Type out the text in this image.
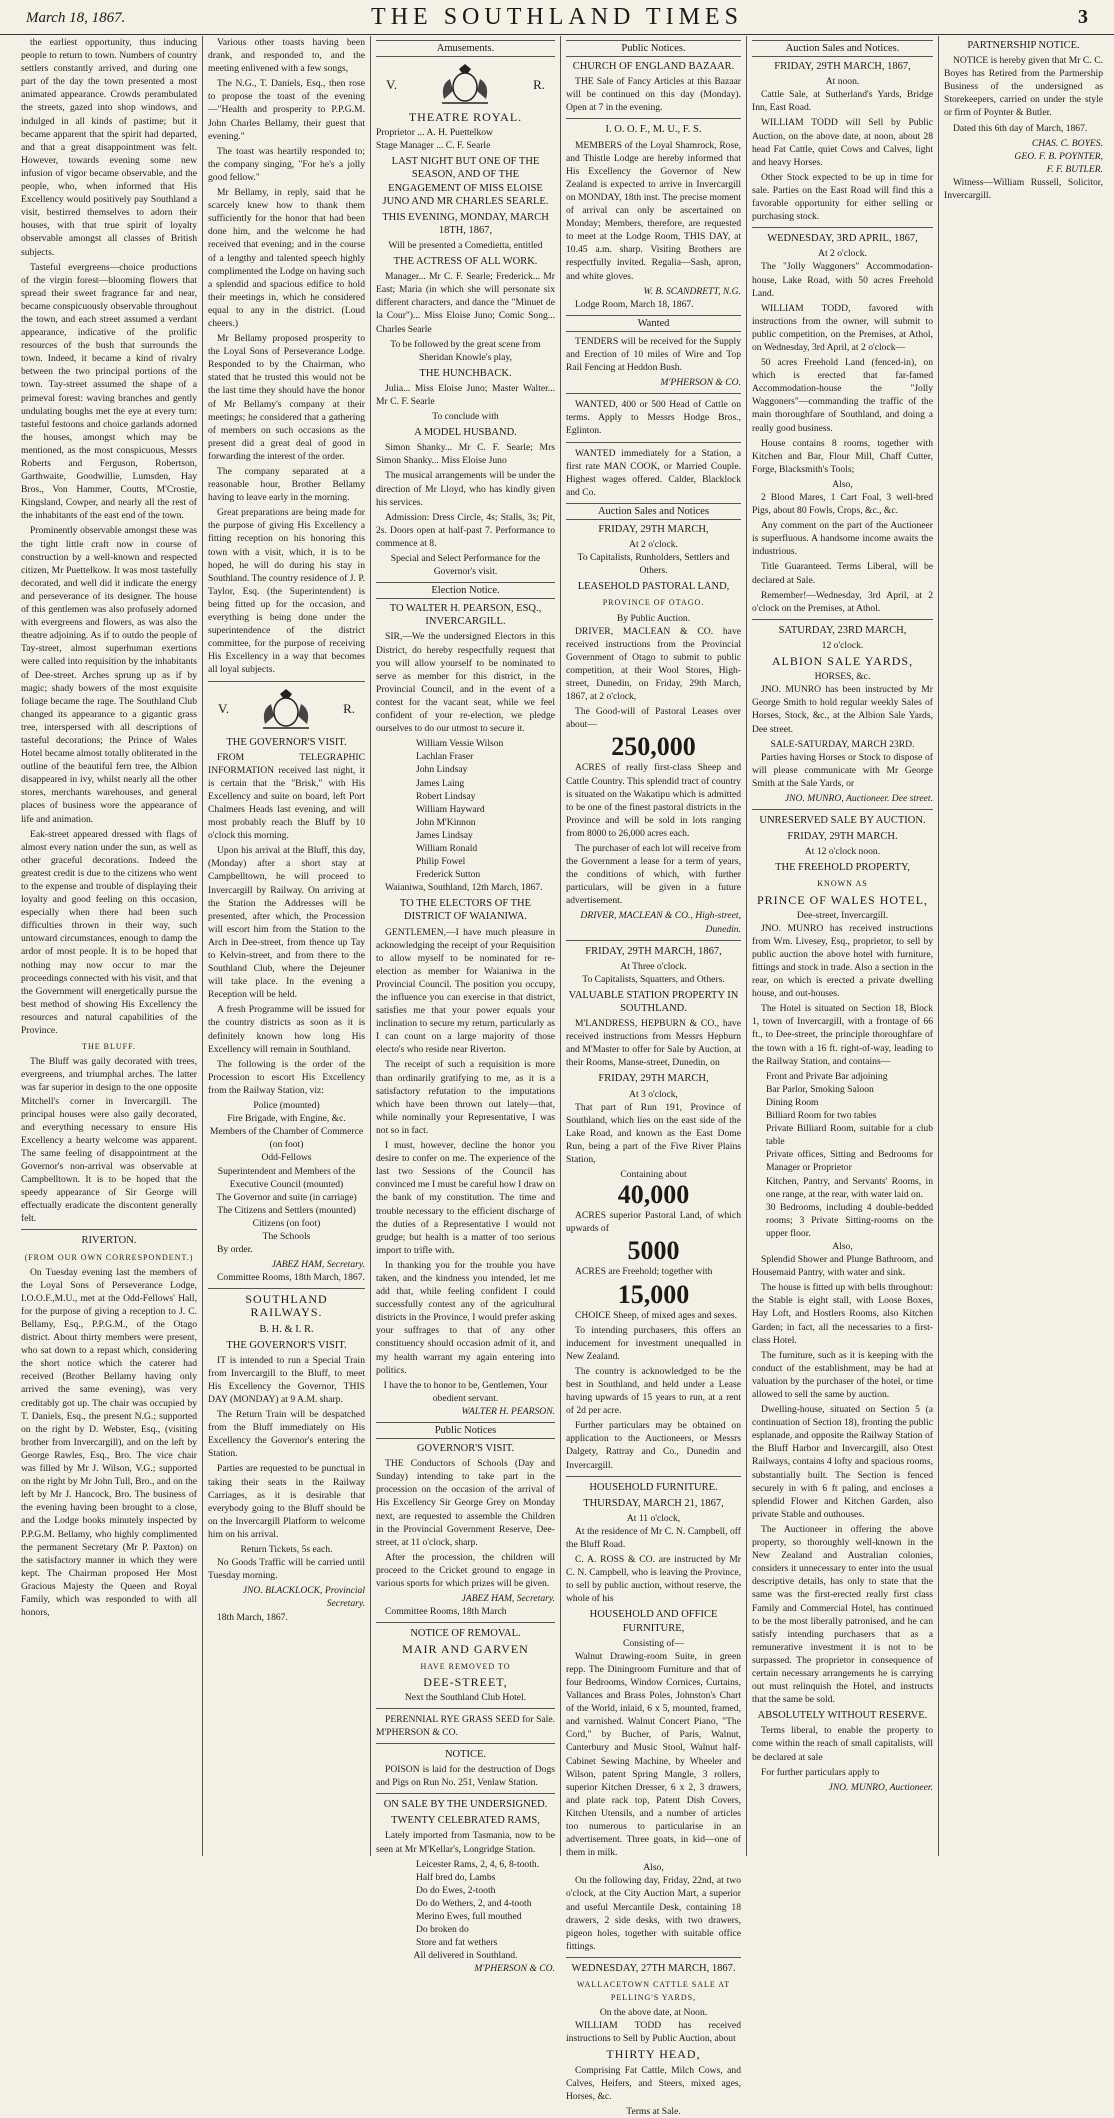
March 18, 1867.	THE SOUTHLAND TIMES	3

the earliest opportunity, thus inducing people to return to town. Numbers of country settlers constantly arrived, and during one part of the day the town presented a most animated appearance. Crowds perambulated the streets, gazed into shop windows, and indulged in all kinds of pastime; but it became apparent that the spirit had departed, and that a great disappointment was felt. However, towards evening some new infusion of vigor became observable, and the people, who, when informed that His Excellency would positively pay Southland a visit, bestirred themselves to adorn their houses, with that true spirit of loyalty observable amongst all classes of British subjects.

Tasteful evergreens—choice productions of the virgin forest—blooming flowers that spread their sweet fragrance far and near, became conspicuously observable throughout the town, and each street assumed a verdant appearance, indicative of the prolific resources of the bush that surrounds the town. Indeed, it became a kind of rivalry between the two principal portions of the town. Tay-street assumed the shape of a primeval forest: waving branches and gently undulating boughs met the eye at every turn: tasteful festoons and choice garlands adorned the houses, amongst which may be mentioned, as the most conspicuous, Messrs Roberts and Ferguson, Robertson, Garthwaite, Goodwillie, Lumsden, Hay Bros., Von Hammer, Coutts, M'Crostie, Kingsland, Cowper, and nearly all the rest of the inhabitants of the east end of the town.

Prominently observable amongst these was the tight little craft now in course of construction by a well-known and respected citizen, Mr Puettelkow. It was most tastefully decorated, and well did it indicate the energy and perseverance of its designer. The house of this gentlemen was also profusely adorned with evergreens and flowers, as was also the theatre adjoining. As if to outdo the people of Tay-street, almost superhuman exertions were called into requisition by the inhabitants of Dee-street. Arches sprung up as if by magic; shady bowers of the most exquisite foliage became the rage. The Southland Club changed its appearance to a gigantic grass tree, interspersed with all descriptions of tasteful decorations; the Prince of Wales Hotel became almost totally obliterated in the outline of the beautiful fern tree, the Albion disappeared in ivy, whilst nearly all the other stores, merchants warehouses, and general places of business wore the appearance of life and animation.

Eak-street appeared dressed with flags of almost every nation under the sun, as well as other graceful decorations. Indeed the greatest credit is due to the citizens who went to the expense and trouble of displaying their loyalty and good feeling on this occasion, especially when there had been such difficulties thrown in their way, such untoward circumstances, enough to damp the ardor of most people. It is to be hoped that nothing may now occur to mar the proceedings connected with his visit, and that the Government will energetically pursue the best method of showing His Excellency the resources and natural capabilities of the Province.

THE BLUFF.

The Bluff was gaily decorated with trees, evergreens, and triumphal arches. The latter was far superior in design to the one opposite Mitchell's corner in Invercargill. The principal houses were also gaily decorated, and everything necessary to ensure His Excellency a hearty welcome was apparent. The same feeling of disappointment at the Governor's non-arrival was observable at Campbelltown. It is to be hoped that the speedy appearance of Sir George will effectually eradicate the discontent generally felt.

RIVERTON.
(FROM OUR OWN CORRESPONDENT.)

On Tuesday evening last the members of the Loyal Sons of Perseverance Lodge, I.O.O.F.,M.U., met at the Odd-Fellows' Hall, for the purpose of giving a reception to J. C. Bellamy, Esq., P.P.G.M., of the Otago district. About thirty members were present, who sat down to a repast which, considering the short notice which the caterer had received (Brother Bellamy having only arrived the same evening), was very creditably got up. The chair was occupied by T. Daniels, Esq., the present N.G.; supported on the right by D. Webster, Esq., (visiting brother from Invercargill), and on the left by George Rawles, Esq., Bro. The vice chair was filled by Mr J. Wilson, V.G.; supported on the right by Mr John Tull, Bro., and on the left by Mr J. Hancock, Bro. The business of the evening having been brought to a close, and the Lodge books minutely inspected by P.P.G.M. Bellamy, who highly complimented the permanent Secretary (Mr P. Paxton) on the satisfactory manner in which they were kept. The Chairman proposed Her Most Gracious Majesty the Queen and Royal Family, which was responded to with all honors,

Various other toasts having been drank, and responded to, and the meeting enlivened with a few songs,

The N.G., T. Daniels, Esq., then rose to propose the toast of the evening—"Health and prosperity to P.P.G.M. John Charles Bellamy, their guest that evening."

The toast was heartily responded to; the company singing, "For he's a jolly good fellow."

Mr Bellamy, in reply, said that he scarcely knew how to thank them sufficiently for the honor that had been done him, and the welcome he had received that evening; and in the course of a lengthy and talented speech highly complimented the Lodge on having such a splendid and spacious edifice to hold their meetings in, which he considered equal to any in the district. (Loud cheers.)

Mr Bellamy proposed prosperity to the Loyal Sons of Perseverance Lodge. Responded to by the Chairman, who stated that he trusted this would not be the last time they should have the honor of Mr Bellamy's company at their meetings; he considered that a gathering of members on such occasions as the present did a great deal of good in forwarding the interest of the order.

The company separated at a reasonable hour, Brother Bellamy having to leave early in the morning.

Great preparations are being made for the purpose of giving His Excellency a fitting reception on his honoring this town with a visit, which, it is to be hoped, he will do during his stay in Southland. The country residence of J. P. Taylor, Esq. (the Superintendent) is being fitted up for the occasion, and everything is being done under the superintendence of the district committee, for the purpose of receiving His Excellency in a way that becomes all loyal subjects.

V.	R.
THE GOVERNOR'S VISIT.

FROM TELEGRAPHIC INFORMATION received last night, it is certain that the "Brisk," with His Excellency and suite on board, left Port Chalmers Heads last evening, and will most probably reach the Bluff by 10 o'clock this morning.

Upon his arrival at the Bluff, this day, (Monday) after a short stay at Campbelltown, he will proceed to Invercargill by Railway. On arriving at the Station the Addresses will be presented, after which, the Procession will escort him from the Station to the Arch in Dee-street, from thence up Tay to Kelvin-street, and from there to the Southland Club, where the Dejeuner will take place. In the evening a Reception will be held.

A fresh Programme will be issued for the country districts as soon as it is definitely known how long His Excellency will remain in Southland.

The following is the order of the Procession to escort His Excellency from the Railway Station, viz:

Police (mounted)
Fire Brigade, with Engine, &c.
Members of the Chamber of Commerce (on foot)
Odd-Fellows
Superintendent and Members of the Executive Council (mounted)
The Governor and suite (in carriage)
The Citizens and Settlers (mounted)
Citizens (on foot)
The Schools

By order.

JABEZ HAM, Secretary.

Committee Rooms, 18th March, 1867.

SOUTHLAND RAILWAYS.
B. H. & I. R.
THE GOVERNOR'S VISIT.

IT is intended to run a Special Train from Invercargill to the Bluff, to meet His Excellency the Governor, THIS DAY (MONDAY) at 9 A.M. sharp.

The Return Train will be despatched from the Bluff immediately on His Excellency the Governor's entering the Station.

Parties are requested to be punctual in taking their seats in the Railway Carriages, as it is desirable that everybody going to the Bluff should be on the Invercargill Platform to welcome him on his arrival.

Return Tickets, 5s each.

No Goods Traffic will be carried until Tuesday morning.

JNO. BLACKLOCK, Provincial Secretary.

18th March, 1867.

Amusements.
V.	R.
THEATRE ROYAL.
Proprietor ... A. H. Puettelkow
Stage Manager ... C. F. Searle
LAST NIGHT BUT ONE OF THE SEASON, AND OF THE ENGAGEMENT OF MISS ELOISE JUNO AND MR CHARLES SEARLE.
THIS EVENING, MONDAY, MARCH 18TH, 1867,
Will be presented a Comedietta, entitled
THE ACTRESS OF ALL WORK.

Manager... Mr C. F. Searle; Frederick... Mr East; Maria (in which she will personate six different characters, and dance the "Minuet de la Cour")... Miss Eloise Juno; Comic Song... Charles Searle

To be followed by the great scene from Sheridan Knowle's play,
THE HUNCHBACK.

Julia... Miss Eloise Juno; Master Walter... Mr C. F. Searle

To conclude with
A MODEL HUSBAND.

Simon Shanky... Mr C. F. Searle; Mrs Simon Shanky... Miss Eloise Juno

The musical arrangements will be under the direction of Mr Lloyd, who has kindly given his services.

Admission: Dress Circle, 4s; Stalls, 3s; Pit, 2s. Doors open at half-past 7. Performance to commence at 8.

Special and Select Performance for the Governor's visit.
Election Notice.
TO WALTER H. PEARSON, ESQ., INVERCARGILL.

SIR,—We the undersigned Electors in this District, do hereby respectfully request that you will allow yourself to be nominated to serve as member for this district, in the Provincial Council, and in the event of a contest for the vacant seat, while we feel confident of your re-election, we pledge ourselves to do our utmost to secure it.

William Vessie Wilson
Lachlan Fraser
John Lindsay
James Laing
Robert Lindsay
William Hayward
John M'Kinnon
James Lindsay
William Ronald
Philip Fowel
Frederick Sutton

Waianiwa, Southland, 12th March, 1867.

TO THE ELECTORS OF THE DISTRICT OF WAIANIWA.

GENTLEMEN,—I have much pleasure in acknowledging the receipt of your Requisition to allow myself to be nominated for re-election as member for Waianiwa in the Provincial Council. The position you occupy, the influence you can exercise in that district, satisfies me that your power equals your inclination to secure my return, particularly as I can count on a large majority of those electo's who reside near Riverton.

The receipt of such a requisition is more than ordinarily gratifying to me, as it is a satisfactory refutation to the imputations which have been thrown out lately—that, while nominally your Representative, I was not so in fact.

I must, however, decline the honor you desire to confer on me. The experience of the last two Sessions of the Council has convinced me I must be careful how I draw on the bank of my constitution. The time and trouble necessary to the efficient discharge of the duties of a Representative I would not grudge; but health is a matter of too serious import to trifle with.

In thanking you for the trouble you have taken, and the kindness you intended, let me add that, while feeling confident I could successfully contest any of the agricultural districts in the Province, I would prefer asking your suffrages to that of any other constituency should occasion admit of it, and my health warrant my again entering into politics.

I have the to honor to be, Gentlemen, Your obedient servant.
WALTER H. PEARSON.
Public Notices
GOVERNOR'S VISIT.

THE Conductors of Schools (Day and Sunday) intending to take part in the procession on the occasion of the arrival of His Excellency Sir George Grey on Monday next, are requested to assemble the Children in the Provincial Government Reserve, Dee-street, at 11 o'clock, sharp.

After the procession, the children will proceed to the Cricket ground to engage in various sports for which prizes will be given.

JABEZ HAM, Secretary.

Committee Rooms, 18th March

NOTICE OF REMOVAL.
MAIR AND GARVEN
HAVE REMOVED TO
DEE-STREET,
Next the Southland Club Hotel.

PERENNIAL RYE GRASS SEED for Sale. M'PHERSON & CO.

NOTICE.

POISON is laid for the destruction of Dogs and Pigs on Run No. 251, Venlaw Station.

ON SALE BY THE UNDERSIGNED.
TWENTY CELEBRATED RAMS,

Lately imported from Tasmania, now to be seen at Mr M'Kellar's, Longridge Station.

Leicester Rams, 2, 4, 6, 8-tooth.
Half bred do, Lambs
Do do Ewes, 2-tooth
Do do Wethers, 2, and 4-tooth
Merino Ewes, full mouthed
Do broken do
Store and fat wethers
All delivered in Southland.
M'PHERSON & CO.
Public Notices.
CHURCH OF ENGLAND BAZAAR.

THE Sale of Fancy Articles at this Bazaar will be continued on this day (Monday). Open at 7 in the evening.

I. O. O. F., M. U., F. S.

MEMBERS of the Loyal Shamrock, Rose, and Thistle Lodge are hereby informed that His Excellency the Governor of New Zealand is expected to arrive in Invercargill on MONDAY, 18th inst. The precise moment of arrival can only be ascertained on Monday; Members, therefore, are requested to meet at the Lodge Room, THIS DAY, at 10.45 a.m. sharp. Visiting Brothers are respectfully invited. Regalia—Sash, apron, and white gloves.

W. B. SCANDRETT, N.G.

Lodge Room, March 18, 1867.

Wanted

TENDERS will be received for the Supply and Erection of 10 miles of Wire and Top Rail Fencing at Heddon Bush.

M'PHERSON & CO.

WANTED, 400 or 500 Head of Cattle on terms. Apply to Messrs Hodge Bros., Eglinton.

WANTED immediately for a Station, a first rate MAN COOK, or Married Couple. Highest wages offered. Calder, Blacklock and Co.

Auction Sales and Notices
FRIDAY, 29TH MARCH,
At 2 o'clock.
To Capitalists, Runholders, Settlers and Others.
LEASEHOLD PASTORAL LAND,
PROVINCE OF OTAGO.
By Public Auction.

DRIVER, MACLEAN & CO. have received instructions from the Provincial Government of Otago to submit to public competition, at their Wool Stores, High-street, Dunedin, on Friday, 29th March, 1867, at 2 o'clock,

The Good-will of Pastoral Leases over about—

250,000

ACRES of really first-class Sheep and Cattle Country. This splendid tract of country is situated on the Wakatipu which is admitted to be one of the finest pastoral districts in the Province and will be sold in lots ranging from 8000 to 26,000 acres each.

The purchaser of each lot will receive from the Government a lease for a term of years, the conditions of which, with further particulars, will be given in a future advertisement.

DRIVER, MACLEAN & CO., High-street, Dunedin.
FRIDAY, 29TH MARCH, 1867,
At Three o'clock.
To Capitalists, Squatters, and Others.
VALUABLE STATION PROPERTY IN SOUTHLAND.

M'LANDRESS, HEPBURN & CO., have received instructions from Messrs Hepburn and M'Master to offer for Sale by Auction, at their Rooms, Manse-street, Dunedin, on

FRIDAY, 29TH MARCH,
At 3 o'clock,

That part of Run 191, Province of Southland, which lies on the east side of the Lake Road, and known as the East Dome Run, being a part of the Five River Plains Station,

Containing about
40,000

ACRES superior Pastoral Land, of which upwards of

5000

ACRES are Freehold; together with

15,000

CHOICE Sheep, of mixed ages and sexes.

To intending purchasers, this offers an inducement for investment unequalled in New Zealand.

The country is acknowledged to be the best in Southland, and held under a Lease having upwards of 15 years to run, at a rent of 2d per acre.

Further particulars may be obtained on application to the Auctioneers, or Messrs Dalgety, Rattray and Co., Dunedin and Invercargill.

HOUSEHOLD FURNITURE.
THURSDAY, MARCH 21, 1867,
At 11 o'clock,

At the residence of Mr C. N. Campbell, off the Bluff Road.

C. A. ROSS & CO. are instructed by Mr C. N. Campbell, who is leaving the Province, to sell by public auction, without reserve, the whole of his

HOUSEHOLD AND OFFICE FURNITURE,
Consisting of—

Walnut Drawing-room Suite, in green repp. The Diningroom Furniture and that of four Bedrooms, Window Cornices, Curtains, Vallances and Brass Poles, Johnston's Chart of the World, inlaid, 6 x 5, mounted, framed, and varnished. Walnut Concert Piano, "The Cord," by Bucher, of Paris, Walnut, Canterbury and Music Stool, Walnut half-Cabinet Sewing Machine, by Wheeler and Wilson, patent Spring Mangle, 3 rollers, superior Kitchen Dresser, 6 x 2, 3 drawers, and plate rack top, Patent Dish Covers, Kitchen Utensils, and a number of articles too numerous to particularise in an advertisement. Three goats, in kid—one of them in milk.

Also,

On the following day, Friday, 22nd, at two o'clock, at the City Auction Mart, a superior and useful Mercantile Desk, containing 18 drawers, 2 side desks, with two drawers, pigeon holes, together with suitable office fittings.

WEDNESDAY, 27TH MARCH, 1867.
WALLACETOWN CATTLE SALE AT PELLING'S YARDS,
On the above date, at Noon.

WILLIAM TODD has received instructions to Sell by Public Auction, about

THIRTY HEAD,

Comprising Fat Cattle, Milch Cows, and Calves, Heifers, and Steers, mixed ages, Horses, &c.

Terms at Sale.
Auction Sales and Notices.
FRIDAY, 29TH MARCH, 1867,
At noon.

Cattle Sale, at Sutherland's Yards, Bridge Inn, East Road.

WILLIAM TODD will Sell by Public Auction, on the above date, at noon, about 28 head Fat Cattle, quiet Cows and Calves, light and heavy Horses.

Other Stock expected to be up in time for sale. Parties on the East Road will find this a favorable opportunity for either selling or purchasing stock.

WEDNESDAY, 3RD APRIL, 1867,
At 2 o'clock.

The "Jolly Waggoners" Accommodation-house, Lake Road, with 50 acres Freehold Land.

WILLIAM TODD, favored with instructions from the owner, will submit to public competition, on the Premises, at Athol, on Wednesday, 3rd April, at 2 o'clock—

50 acres Freehold Land (fenced-in), on which is erected that far-famed Accommodation-house the "Jolly Waggoners"—commanding the traffic of the main thoroughfare of Southland, and doing a really good business.

House contains 8 rooms, together with Kitchen and Bar, Flour Mill, Chaff Cutter, Forge, Blacksmith's Tools;

Also,

2 Blood Mares, 1 Cart Foal, 3 well-bred Pigs, about 80 Fowls, Crops, &c., &c.

Any comment on the part of the Auctioneer is superfluous. A handsome income awaits the industrious.

Title Guaranteed. Terms Liberal, will be declared at Sale.

Remember!—Wednesday, 3rd April, at 2 o'clock on the Premises, at Athol.

SATURDAY, 23RD MARCH,
12 o'clock.
ALBION SALE YARDS,
HORSES, &c.

JNO. MUNRO has been instructed by Mr George Smith to hold regular weekly Sales of Horses, Stock, &c., at the Albion Sale Yards, Dee street.

SALE-SATURDAY, MARCH 23RD.

Parties having Horses or Stock to dispose of will please communicate with Mr George Smith at the Sale Yards, or

JNO. MUNRO, Auctioneer. Dee street.
UNRESERVED SALE BY AUCTION.
FRIDAY, 29TH MARCH.
At 12 o'clock noon.
THE FREEHOLD PROPERTY,
KNOWN AS
PRINCE OF WALES HOTEL,
Dee-street, Invercargill.

JNO. MUNRO has received instructions from Wm. Livesey, Esq., proprietor, to sell by public auction the above hotel with furniture, fittings and stock in trade. Also a section in the rear, on which is erected a private dwelling house, and out-houses.

The Hotel is situated on Section 18, Block 1, town of Invercargill, with a frontage of 66 ft., to Dee-street, the principle thoroughfare of the town with a 16 ft. right-of-way, leading to the Railway Station, and contains—

Front and Private Bar adjoining
Bar Parlor, Smoking Saloon
Dining Room
Billiard Room for two tables
Private Billiard Room, suitable for a club table
Private offices, Sitting and Bedrooms for Manager or Proprietor
Kitchen, Pantry, and Servants' Rooms, in one range, at the rear, with water laid on.
30 Bedrooms, including 4 double-bedded rooms; 3 Private Sitting-rooms on the upper floor.
Also,

Splendid Shower and Plunge Bathroom, and Housemaid Pantry, with water and sink.

The house is fitted up with bells throughout: the Stable is eight stall, with Loose Boxes, Hay Loft, and Hostlers Rooms, also Kitchen Garden; in fact, all the necessaries to a first-class Hotel.

The furniture, such as it is keeping with the conduct of the establishment, may be had at valuation by the purchaser of the hotel, or time allowed to sell the same by auction.

Dwelling-house, situated on Section 5 (a continuation of Section 18), fronting the public esplanade, and opposite the Railway Station of the Bluff Harbor and Invercargill, also Otest Railways, contains 4 lofty and spacious rooms, substantially built. The Section is fenced securely in with 6 ft paling, and encloses a splendid Flower and Kitchen Garden, also private Stable and outhouses.

The Auctioneer in offering the above property, so thoroughly well-known in the New Zealand and Australian colonies, considers it unnecessary to enter into the usual descriptive details, has only to state that the same was the first-erected really first class Family and Commercial Hotel, has continued to be the most liberally patronised, and he can satisfy intending purchasers that as a remunerative investment it is not to be surpassed. The proprietor in consequence of certain necessary arrangements he is carrying out must relinquish the Hotel, and instructs that the same be sold.

ABSOLUTELY WITHOUT RESERVE.

Terms liberal, to enable the property to come within the reach of small capitalists, will be declared at sale

For further particulars apply to

JNO. MUNRO, Auctioneer.
PARTNERSHIP NOTICE.

NOTICE is hereby given that Mr C. C. Boyes has Retired from the Partnership Business of the undersigned as Storekeepers, carried on under the style or firm of Poynter & Butler.

Dated this 6th day of March, 1867.

CHAS. C. BOYES.
GEO. F. B. POYNTER,
F. F. BUTLER.

Witness—William Russell, Solicitor, Invercargill.
